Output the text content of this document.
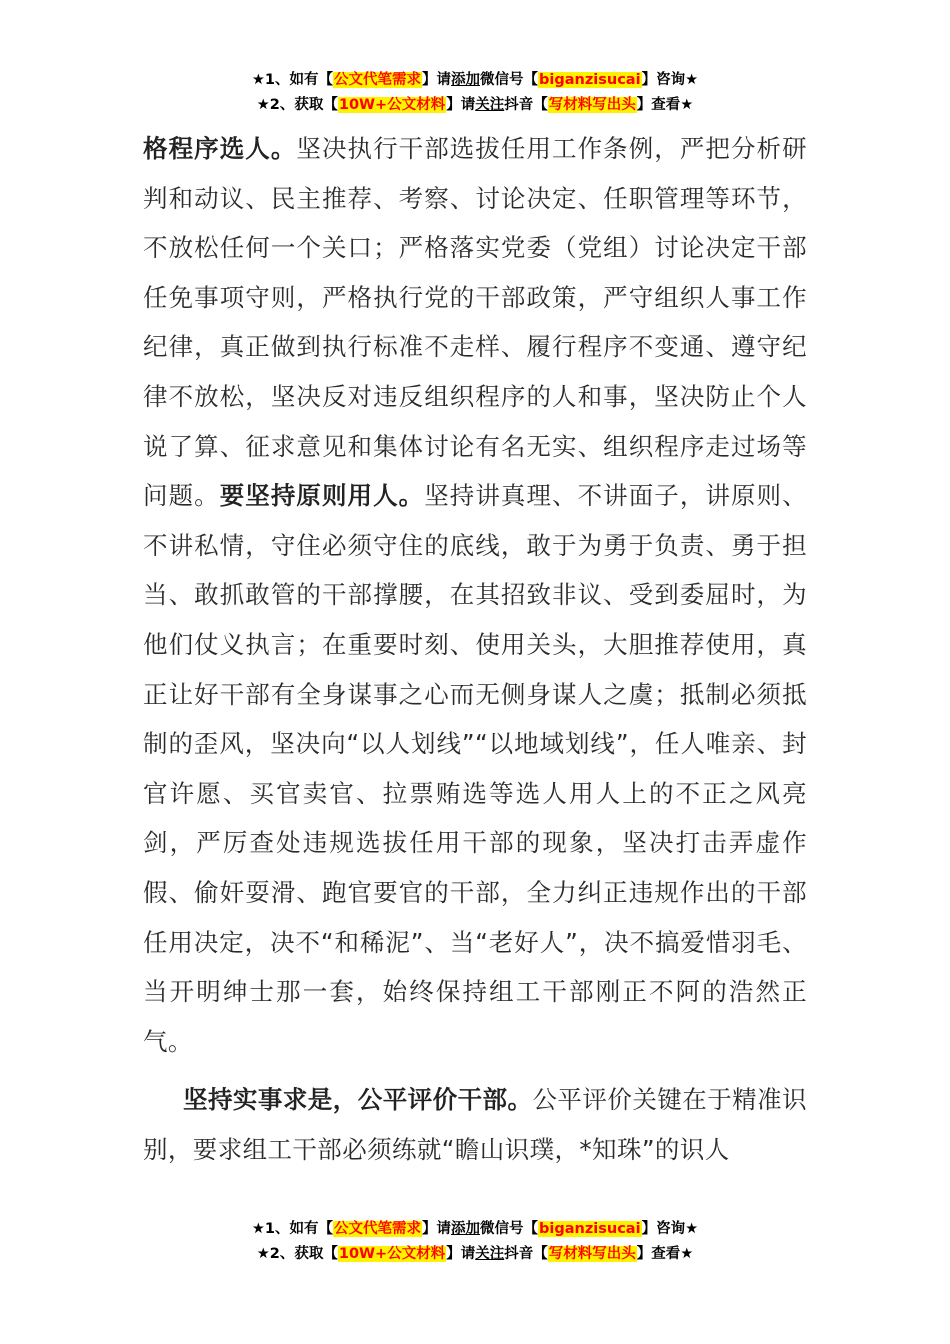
★1、如有【公文代笔需求】请添加微信号【biganzisucai】咨询★
★2、获取【10W+公文材料】请关注抖音【写材料写出头】查看★

格程序选人。坚决执行干部选拔任用工作条例，严把分析研判和动议、民主推荐、考察、讨论决定、任职管理等环节，不放松任何一个关口；严格落实党委（党组）讨论决定干部任免事项守则，严格执行党的干部政策，严守组织人事工作纪律，真正做到执行标准不走样、履行程序不变通、遵守纪律不放松，坚决反对违反组织程序的人和事，坚决防止个人说了算、征求意见和集体讨论有名无实、组织程序走过场等问题。要坚持原则用人。坚持讲真理、不讲面子，讲原则、不讲私情，守住必须守住的底线，敢于为勇于负责、勇于担当、敢抓敢管的干部撑腰，在其招致非议、受到委屈时，为他们仗义执言；在重要时刻、使用关头，大胆推荐使用，真正让好干部有全身谋事之心而无侧身谋人之虞；抵制必须抵制的歪风，坚决向“以人划线”“以地域划线”，任人唯亲、封官许愿、买官卖官、拉票贿选等选人用人上的不正之风亮剑，严厉查处违规选拔任用干部的现象，坚决打击弄虚作假、偷奸耍滑、跑官要官的干部，全力纠正违规作出的干部任用决定，决不“和稀泥”、当“老好人”，决不搞爱惜羽毛、当开明绅士那一套，始终保持组工干部刚正不阿的浩然正气。

坚持实事求是，公平评价干部。公平评价关键在于精准识别，要求组工干部必须练就“瞻山识璞，*知珠”的识人

★1、如有【公文代笔需求】请添加微信号【biganzisucai】咨询★
★2、获取【10W+公文材料】请关注抖音【写材料写出头】查看★
